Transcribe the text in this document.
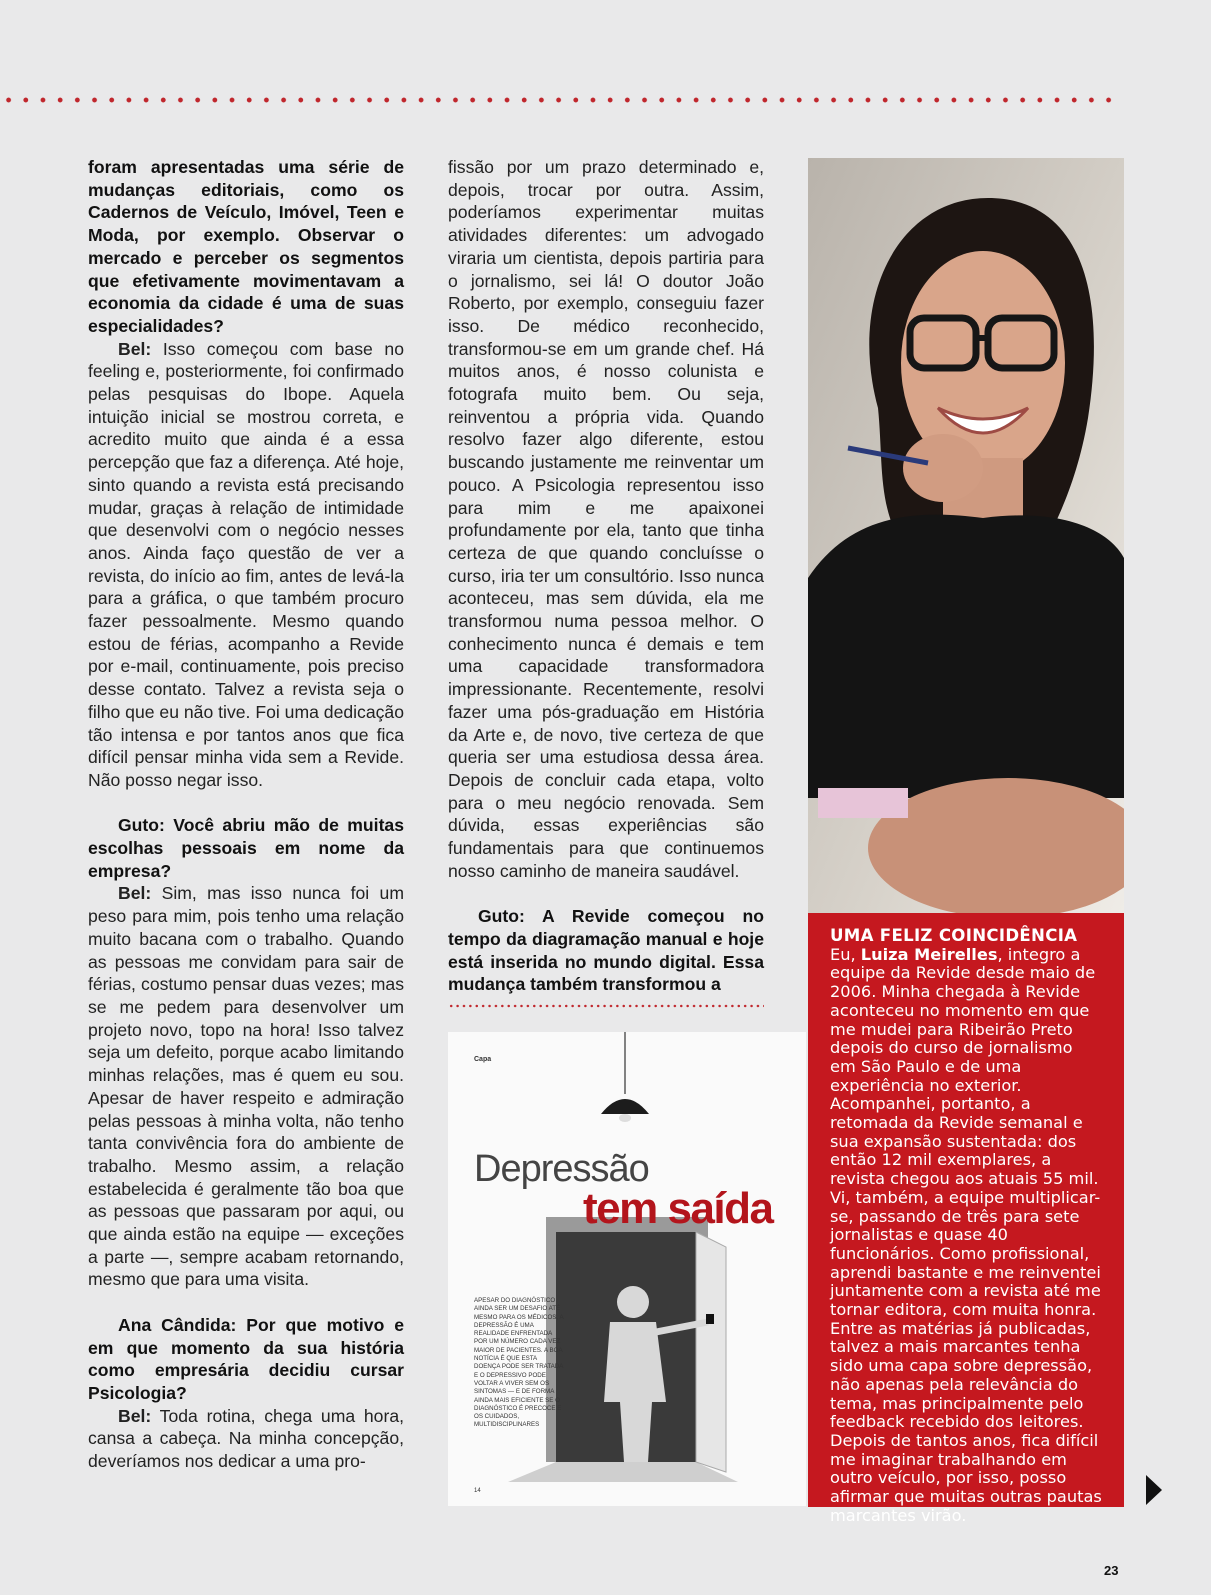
foram apresentadas uma série de mudanças editoriais, como os Cadernos de Veículo, Imóvel, Teen e Moda, por exemplo. Observar o mercado e perceber os segmentos que efetivamente movimentavam a economia da cidade é uma de suas especialidades?

Bel: Isso começou com base no feeling e, posteriormente, foi confirmado pelas pesquisas do Ibope. Aquela intuição inicial se mostrou correta, e acredito muito que ainda é a essa percepção que faz a diferença. Até hoje, sinto quando a revista está precisando mudar, graças à relação de intimidade que desenvolvi com o negócio nesses anos. Ainda faço questão de ver a revista, do início ao fim, antes de levá-la para a gráfica, o que também procuro fazer pessoalmente. Mesmo quando estou de férias, acompanho a Revide por e-mail, continuamente, pois preciso desse contato. Talvez a revista seja o filho que eu não tive. Foi uma dedicação tão intensa e por tantos anos que fica difícil pensar minha vida sem a Revide. Não posso negar isso.

Guto: Você abriu mão de muitas escolhas pessoais em nome da empresa?

Bel: Sim, mas isso nunca foi um peso para mim, pois tenho uma relação muito bacana com o trabalho. Quando as pessoas me convidam para sair de férias, costumo pensar duas vezes; mas se me pedem para desenvolver um projeto novo, topo na hora! Isso talvez seja um defeito, porque acabo limitando minhas relações, mas é quem eu sou. Apesar de haver respeito e admiração pelas pessoas à minha volta, não tenho tanta convivência fora do ambiente de trabalho. Mesmo assim, a relação estabelecida é geralmente tão boa que as pessoas que passaram por aqui, ou que ainda estão na equipe — exceções a parte —, sempre acabam retornando, mesmo que para uma visita.

Ana Cândida: Por que motivo e em que momento da sua história como empresária decidiu cursar Psicologia?

Bel: Toda rotina, chega uma hora, cansa a cabeça. Na minha concepção, deveríamos nos dedicar a uma pro-

fissão por um prazo determinado e, depois, trocar por outra. Assim, poderíamos experimentar muitas atividades diferentes: um advogado viraria um cientista, depois partiria para o jornalismo, sei lá! O doutor João Roberto, por exemplo, conseguiu fazer isso. De médico reconhecido, transformou-se em um grande chef. Há muitos anos, é nosso colunista e fotografa muito bem. Ou seja, reinventou a própria vida. Quando resolvo fazer algo diferente, estou buscando justamente me reinventar um pouco. A Psicologia representou isso para mim e me apaixonei profundamente por ela, tanto que tinha certeza de que quando concluísse o curso, iria ter um consultório. Isso nunca aconteceu, mas sem dúvida, ela me transformou numa pessoa melhor. O conhecimento nunca é demais e tem uma capacidade transformadora impressionante. Recentemente, resolvi fazer uma pós-graduação em História da Arte e, de novo, tive certeza de que queria ser uma estudiosa dessa área. Depois de concluir cada etapa, volto para o meu negócio renovada. Sem dúvida, essas experiências são fundamentais para que continuemos nosso caminho de maneira saudável.

Guto: A Revide começou no tempo da diagramação manual e hoje está inserida no mundo digital. Essa mudança também transformou a

UMA FELIZ COINCIDÊNCIA
Eu, Luiza Meirelles, integro a equipe da Revide desde maio de 2006. Minha chegada à Revide aconteceu no momento em que me mudei para Ribeirão Preto depois do curso de jornalismo em São Paulo e de uma experiência no exterior. Acompanhei, portanto, a retomada da Revide semanal e sua expansão sustentada: dos então 12 mil exemplares, a revista chegou aos atuais 55 mil. Vi, também, a equipe multiplicar-se, passando de três para sete jornalistas e quase 40 funcionários. Como profissional, aprendi bastante e me reinventei juntamente com a revista até me tornar editora, com muita honra. Entre as matérias já publicadas, talvez a mais marcantes tenha sido uma capa sobre depressão, não apenas pela relevância do tema, mas principalmente pelo feedback recebido dos leitores. Depois de tantos anos, fica difícil me imaginar trabalhando em outro veículo, por isso, posso afirmar que muitas outras pautas marcantes virão.
Capa
Depressão
tem saída
APESAR DO DIAGNÓSTICO AINDA SER UM DESAFIO ATÉ MESMO PARA OS MÉDICOS, A DEPRESSÃO É UMA REALIDADE ENFRENTADA POR UM NÚMERO CADA VEZ MAIOR DE PACIENTES. A BOA NOTÍCIA É QUE ESTA DOENÇA PODE SER TRATADA E O DEPRESSIVO PODE VOLTAR A VIVER SEM OS SINTOMAS — E DE FORMA AINDA MAIS EFICIENTE SE O DIAGNÓSTICO É PRECOCE E OS CUIDADOS, MULTIDISCIPLINARES
14
23
